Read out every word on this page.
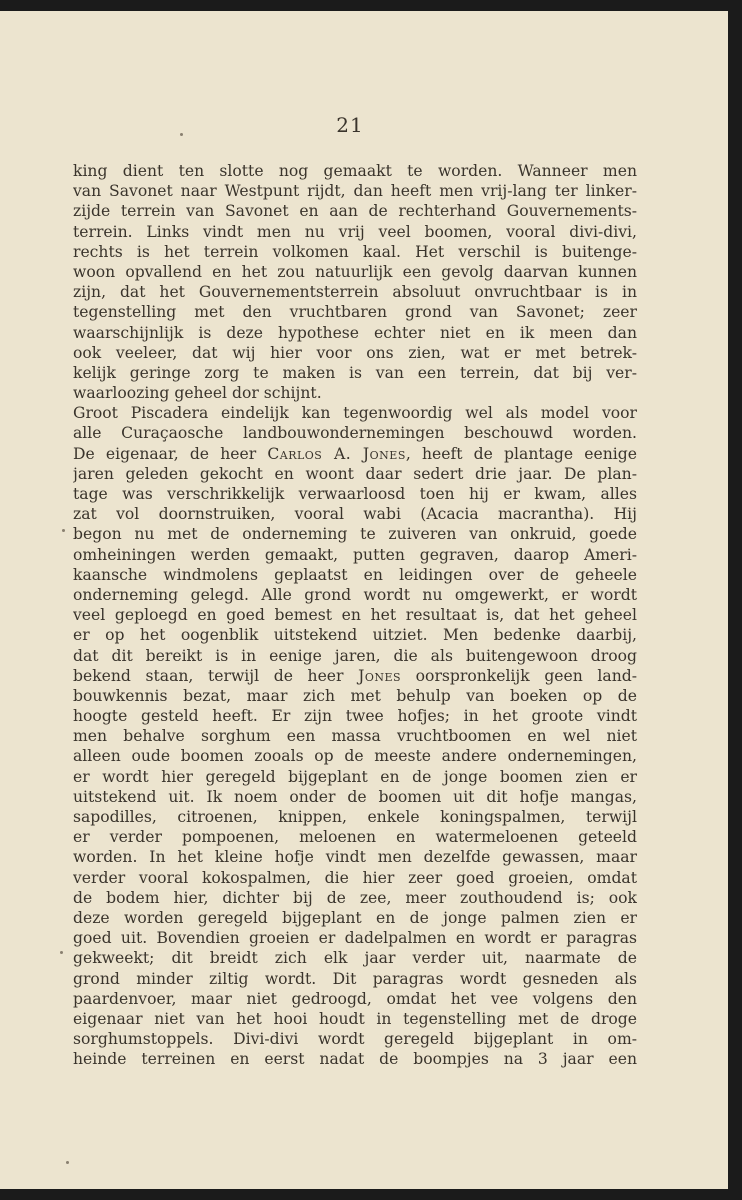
21
king dient ten slotte nog gemaakt te worden. Wanneer men
van Savonet naar Westpunt rijdt, dan heeft men vrij-lang ter linker-
zijde terrein van Savonet en aan de rechterhand Gouvernements-
terrein. Links vindt men nu vrij veel boomen, vooral divi-divi,
rechts is het terrein volkomen kaal. Het verschil is buitenge-
woon opvallend en het zou natuurlijk een gevolg daarvan kunnen
zijn, dat het Gouvernementsterrein absoluut onvruchtbaar is in
tegenstelling met den vruchtbaren grond van Savonet; zeer
waarschijnlijk is deze hypothese echter niet en ik meen dan
ook veeleer, dat wij hier voor ons zien, wat er met betrek-
kelijk geringe zorg te maken is van een terrein, dat bij ver-
waarloozing geheel dor schijnt.
Groot Piscadera eindelijk kan tegenwoordig wel als model voor
alle Curaçaosche landbouwondernemingen beschouwd worden.
De eigenaar, de heer Carlos A. Jones, heeft de plantage eenige
jaren geleden gekocht en woont daar sedert drie jaar. De plan-
tage was verschrikkelijk verwaarloosd toen hij er kwam, alles
zat vol doornstruiken, vooral wabi (Acacia macrantha). Hij
begon nu met de onderneming te zuiveren van onkruid, goede
omheiningen werden gemaakt, putten gegraven, daarop Ameri-
kaansche windmolens geplaatst en leidingen over de geheele
onderneming gelegd. Alle grond wordt nu omgewerkt, er wordt
veel geploegd en goed bemest en het resultaat is, dat het geheel
er op het oogenblik uitstekend uitziet. Men bedenke daarbij,
dat dit bereikt is in eenige jaren, die als buitengewoon droog
bekend staan, terwijl de heer Jones oorspronkelijk geen land-
bouwkennis bezat, maar zich met behulp van boeken op de
hoogte gesteld heeft. Er zijn twee hofjes; in het groote vindt
men behalve sorghum een massa vruchtboomen en wel niet
alleen oude boomen zooals op de meeste andere ondernemingen,
er wordt hier geregeld bijgeplant en de jonge boomen zien er
uitstekend uit. Ik noem onder de boomen uit dit hofje mangas,
sapodilles, citroenen, knippen, enkele koningspalmen, terwijl
er verder pompoenen, meloenen en watermeloenen geteeld
worden. In het kleine hofje vindt men dezelfde gewassen, maar
verder vooral kokospalmen, die hier zeer goed groeien, omdat
de bodem hier, dichter bij de zee, meer zouthoudend is; ook
deze worden geregeld bijgeplant en de jonge palmen zien er
goed uit. Bovendien groeien er dadelpalmen en wordt er paragras
gekweekt; dit breidt zich elk jaar verder uit, naarmate de
grond minder ziltig wordt. Dit paragras wordt gesneden als
paardenvoer, maar niet gedroogd, omdat het vee volgens den
eigenaar niet van het hooi houdt in tegenstelling met de droge
sorghumstoppels. Divi-divi wordt geregeld bijgeplant in om-
heinde terreinen en eerst nadat de boompjes na 3 jaar een
